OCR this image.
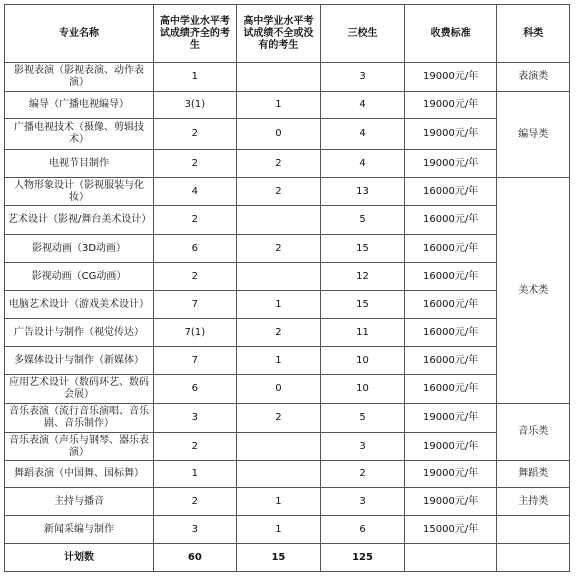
专业名称	高中学业水平考试成绩齐全的考生	高中学业水平考试成绩不全或没有的考生	三校生	收费标准	科类
影视表演（影视表演、动作表演）	1		3	19000元/年	表演类
编导（广播电视编导）	3(1)	1	4	19000元/年	编导类
广播电视技术（摄像、剪辑技术）	2	0	4	19000元/年	
电视节目制作	2	2	4	19000元/年	
人物形象设计（影视服装与化妆）	4	2	13	16000元/年	美术类
艺术设计（影视/舞台美术设计）	2		5	16000元/年	
影视动画（3D动画）	6	2	15	16000元/年	
影视动画（CG动画）	2		12	16000元/年	
电脑艺术设计（游戏美术设计）	7	1	15	16000元/年	
广告设计与制作（视觉传达）	7(1)	2	11	16000元/年	
多媒体设计与制作（新媒体）	7	1	10	16000元/年	
应用艺术设计（数码环艺、数码会展）	6	0	10	16000元/年	
音乐表演（流行音乐演唱、音乐剧、音乐制作）	3	2	5	19000元/年	音乐类
音乐表演（声乐与钢琴、器乐表演）	2		3	19000元/年	
舞蹈表演（中国舞、国标舞）	1		2	19000元/年	舞蹈类
主持与播音	2	1	3	19000元/年	主持类
新闻采编与制作	3	1	6	15000元/年	
计划数	60	15	125		
